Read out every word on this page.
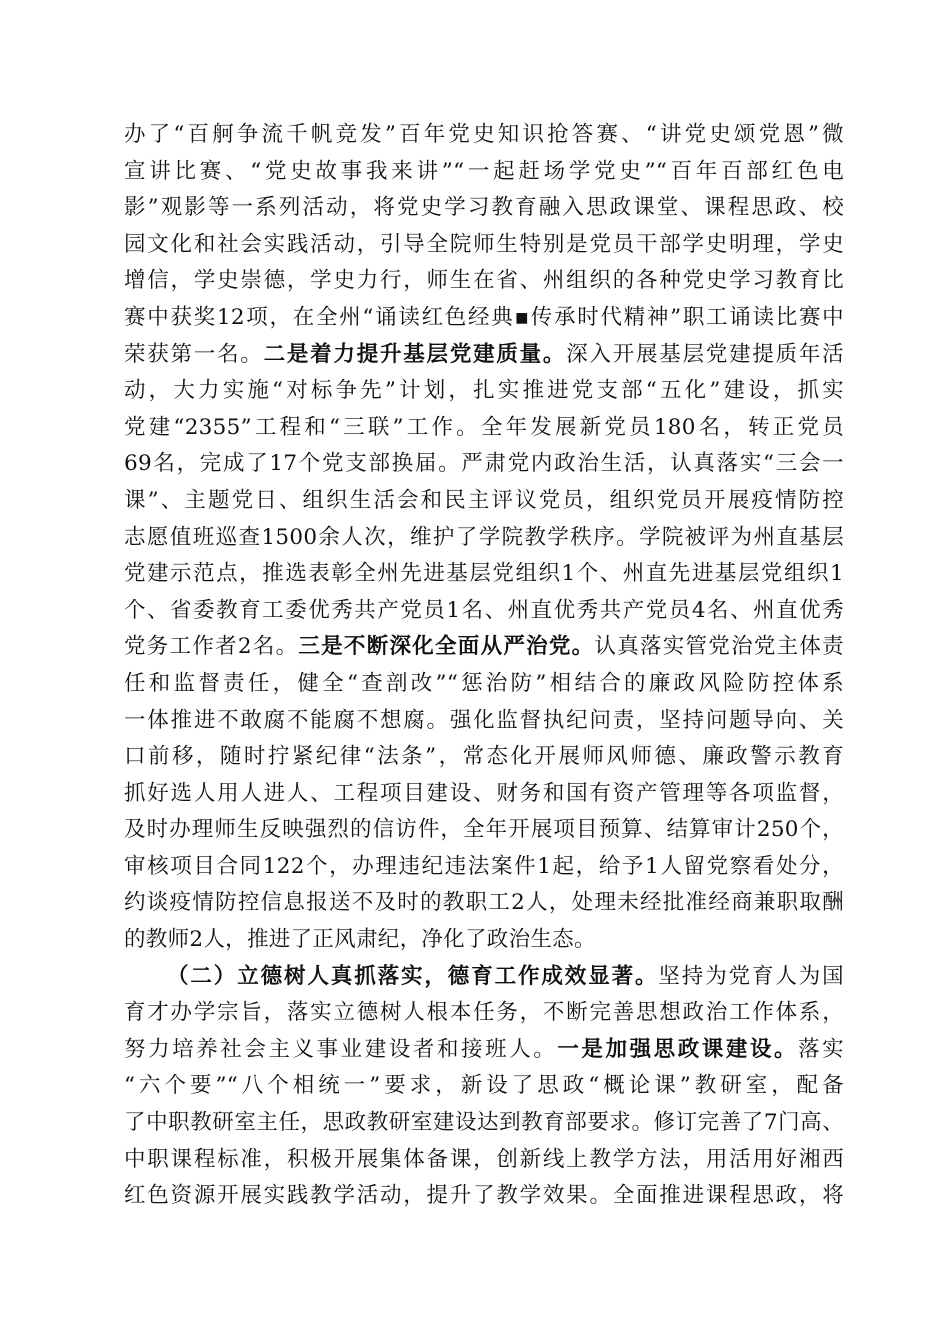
办了“百舸争流千帆竞发”百年党史知识抢答赛、“讲党史颂党恩”微
宣讲比赛、“党史故事我来讲”“一起赶场学党史”“百年百部红色电
影”观影等一系列活动，将党史学习教育融入思政课堂、课程思政、校
园文化和社会实践活动，引导全院师生特别是党员干部学史明理，学史
增信，学史崇德，学史力行，师生在省、州组织的各种党史学习教育比
赛中获奖12项，在全州“诵读红色经典▪传承时代精神”职工诵读比赛中
荣获第一名。二是着力提升基层党建质量。深入开展基层党建提质年活
动，大力实施“对标争先”计划，扎实推进党支部“五化”建设，抓实
党建“2355”工程和“三联”工作。全年发展新党员180名，转正党员
69名，完成了17个党支部换届。严肃党内政治生活，认真落实“三会一
课”、主题党日、组织生活会和民主评议党员，组织党员开展疫情防控
志愿值班巡查1500余人次，维护了学院教学秩序。学院被评为州直基层
党建示范点，推选表彰全州先进基层党组织1个、州直先进基层党组织1
个、省委教育工委优秀共产党员1名、州直优秀共产党员4名、州直优秀
党务工作者2名。三是不断深化全面从严治党。认真落实管党治党主体责
任和监督责任，健全“查剖改”“惩治防”相结合的廉政风险防控体系
一体推进不敢腐不能腐不想腐。强化监督执纪问责，坚持问题导向、关
口前移，随时拧紧纪律“法条”，常态化开展师风师德、廉政警示教育
抓好选人用人进人、工程项目建设、财务和国有资产管理等各项监督，
及时办理师生反映强烈的信访件，全年开展项目预算、结算审计250个，
审核项目合同122个，办理违纪违法案件1起，给予1人留党察看处分，
约谈疫情防控信息报送不及时的教职工2人，处理未经批准经商兼职取酬
的教师2人，推进了正风肃纪，净化了政治生态。
（二）立德树人真抓落实，德育工作成效显著。坚持为党育人为国
育才办学宗旨，落实立德树人根本任务，不断完善思想政治工作体系，
努力培养社会主义事业建设者和接班人。一是加强思政课建设。落实
“六个要”“八个相统一”要求，新设了思政“概论课”教研室，配备
了中职教研室主任，思政教研室建设达到教育部要求。修订完善了7门高、
中职课程标准，积极开展集体备课，创新线上教学方法，用活用好湘西
红色资源开展实践教学活动，提升了教学效果。全面推进课程思政，将
